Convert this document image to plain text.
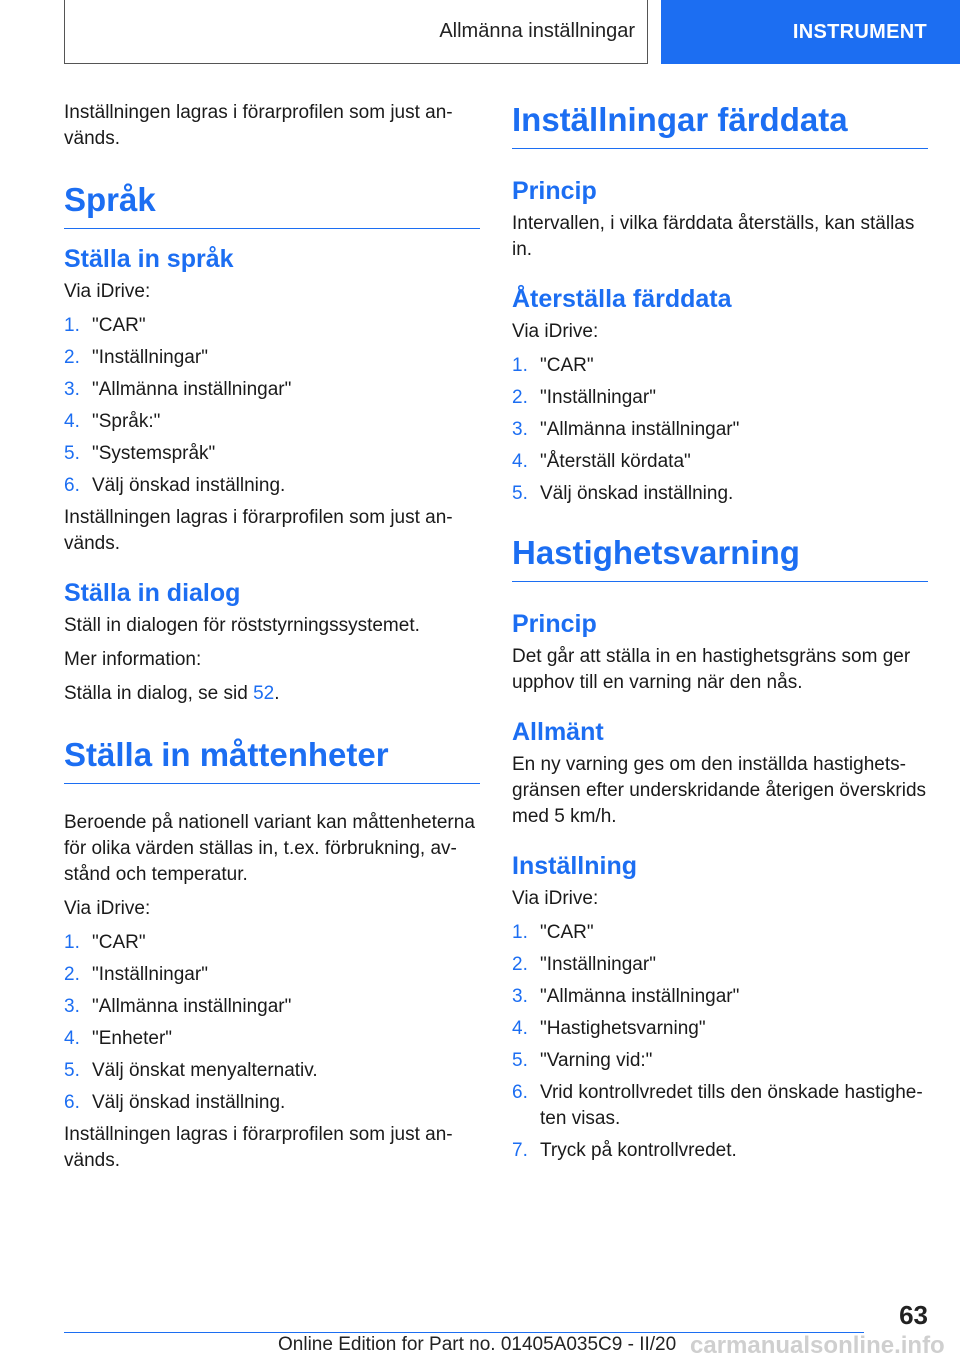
Allmänna inställningar	INSTRUMENT

Inställningen lagras i förarprofilen som just an-
vänds.

Språk
Ställa in språk

Via iDrive:

1. "CAR"
2. "Inställningar"
3. "Allmänna inställningar"
4. "Språk:"
5. "Systemspråk"
6. Välj önskad inställning.

Inställningen lagras i förarprofilen som just an-
vänds.

Ställa in dialog

Ställ in dialogen för röststyrningssystemet.

Mer information:

Ställa in dialog, se sid 52.

Ställa in måttenheter

Beroende på nationell variant kan måttenheterna för olika värden ställas in, t.ex. förbrukning, av-
stånd och temperatur.

Via iDrive:

1. "CAR"
2. "Inställningar"
3. "Allmänna inställningar"
4. "Enheter"
5. Välj önskat menyalternativ.
6. Välj önskad inställning.

Inställningen lagras i förarprofilen som just an-
vänds.

Inställningar färddata
Princip

Intervallen, i vilka färddata återställs, kan ställas in.

Återställa färddata

Via iDrive:

1. "CAR"
2. "Inställningar"
3. "Allmänna inställningar"
4. "Återställ kördata"
5. Välj önskad inställning.
Hastighetsvarning
Princip

Det går att ställa in en hastighetsgräns som ger upphov till en varning när den nås.

Allmänt

En ny varning ges om den inställda hastighets-
gränsen efter underskridande återigen överskrids med 5 km/h.

Inställning

Via iDrive:

1. "CAR"
2. "Inställningar"
3. "Allmänna inställningar"
4. "Hastighetsvarning"
5. "Varning vid:"
6. Vrid kontrollvredet tills den önskade hastighe-
ten visas.
7. Tryck på kontrollvredet.
63
carmanualsonline.info
Online Edition for Part no. 01405A035C9 - II/20
